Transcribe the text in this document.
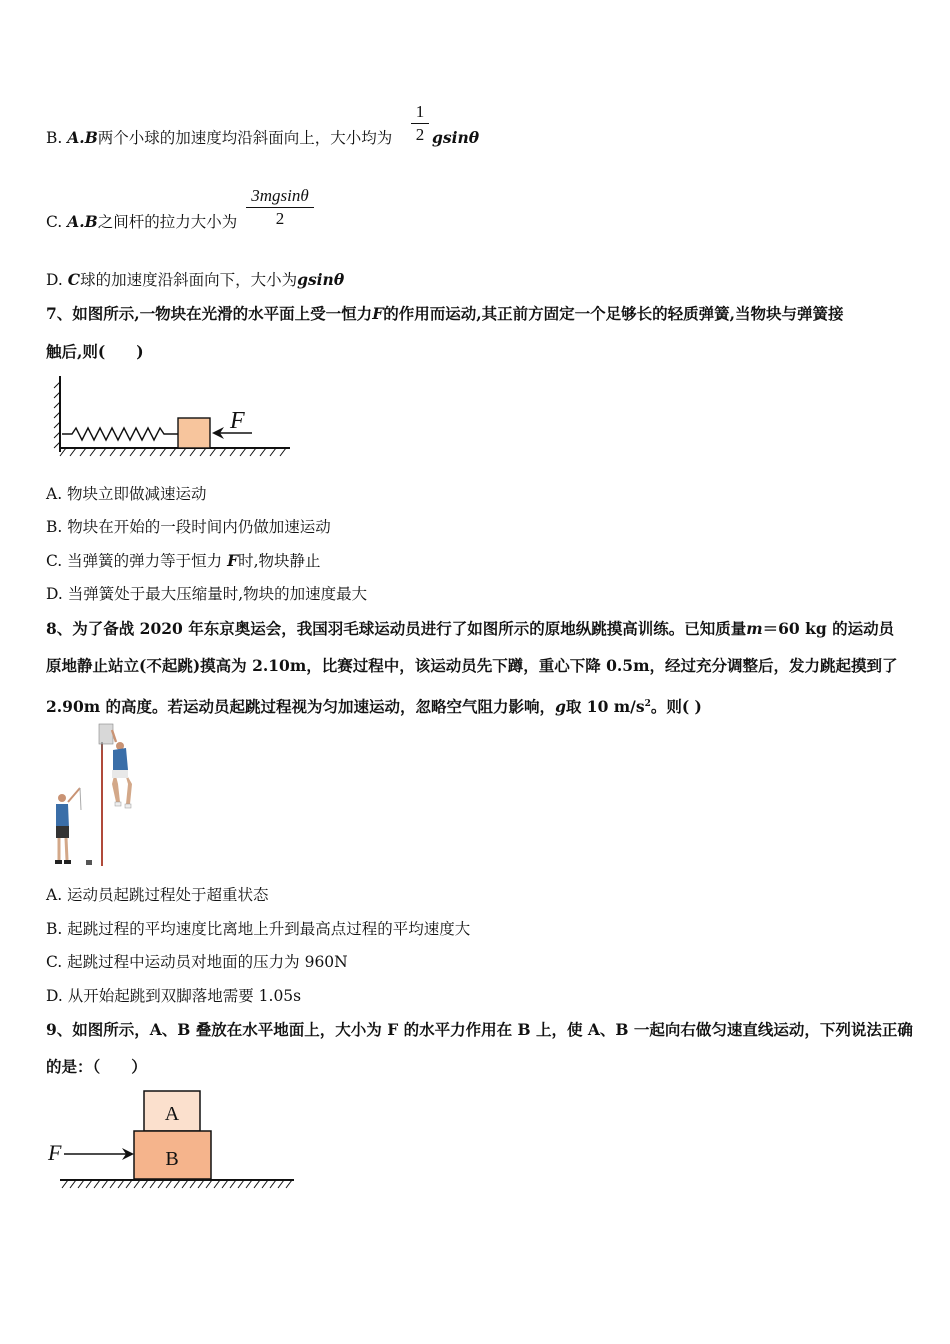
B. A.B两个小球的加速度均沿斜面向上，大小均为
1
2 gsinθ
C. A.B之间杆的拉力大小为
3mgsinθ
2
D. C球的加速度沿斜面向下，大小为gsinθ
7、如图所示,一物块在光滑的水平面上受一恒力F的作用而运动,其正前方固定一个足够长的轻质弹簧,当物块与弹簧接
触后,则(　　)
F
A. 物块立即做减速运动
B. 物块在开始的一段时间内仍做加速运动
C. 当弹簧的弹力等于恒力 F时,物块静止
D. 当弹簧处于最大压缩量时,物块的加速度最大
8、为了备战 2020 年东京奥运会，我国羽毛球运动员进行了如图所示的原地纵跳摸高训练。已知质量m＝60 kg 的运动员
原地静止站立(不起跳)摸高为 2.10m，比赛过程中，该运动员先下蹲，重心下降 0.5m，经过充分调整后，发力跳起摸到了
2.90m 的高度。若运动员起跳过程视为匀加速运动，忽略空气阻力影响，g取 10 $m/s^2$。则( )
A. 运动员起跳过程处于超重状态
B. 起跳过程的平均速度比离地上升到最高点过程的平均速度大
C. 起跳过程中运动员对地面的压力为 960N
D. 从开始起跳到双脚落地需要 1.05s
9、如图所示，A、B 叠放在水平地面上，大小为 F 的水平力作用在 B 上，使 A、B 一起向右做匀速直线运动，下列说法正确
的是：（　　）
A
B
F
